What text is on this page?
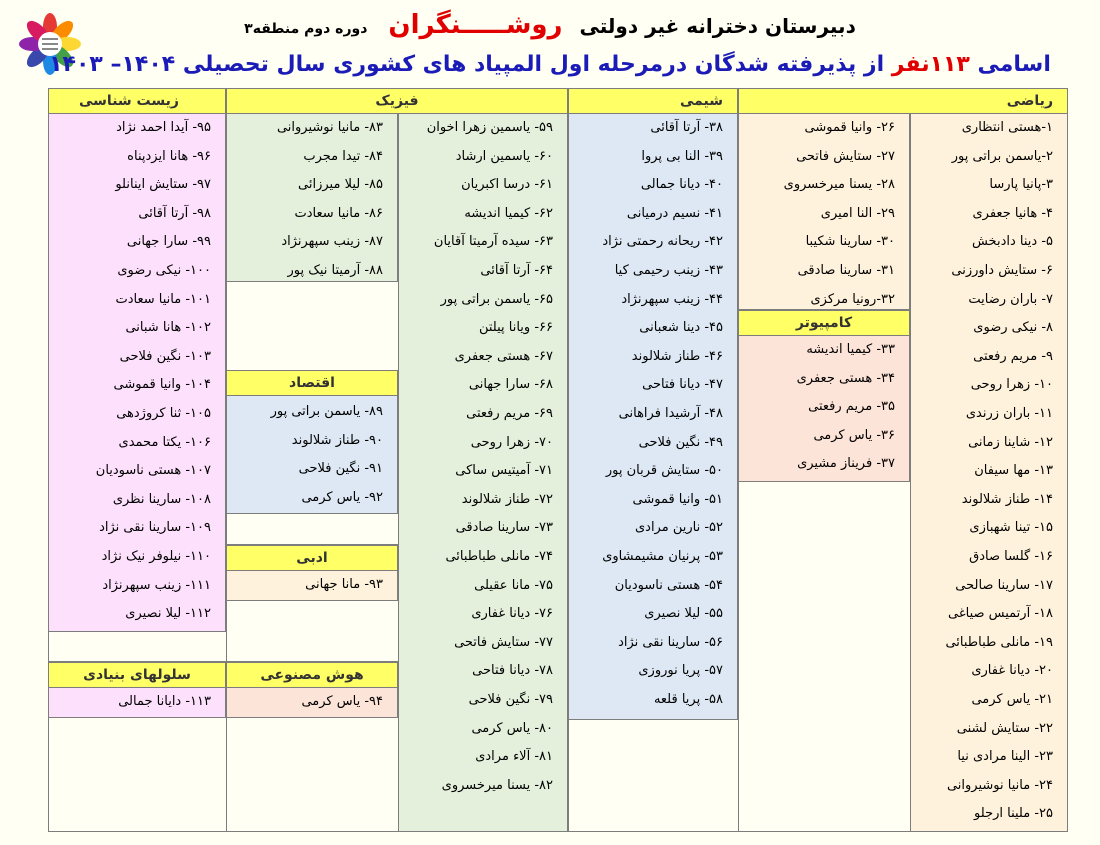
دبیرستان دخترانه غیر دولتی روشـــــنگران دوره دوم منطقه۳
اسامی ۱۱۳نفر از پذیرفته شدگان درمرحله اول المپیاد های کشوری سال تحصیلی ۱۴۰۴– ۱۴۰۳
ریاضی
۱-هستی انتظاری
۲-یاسمن براتی پور
۳-پانیا پارسا
۴- هانیا جعفری
۵- دینا دادبخش
۶- ستایش داورزنی
۷- باران رضایت
۸- نیکی رضوی
۹- مریم رفعتی
۱۰- زهرا روحی
۱۱- باران زرندی
۱۲- شاینا زمانی
۱۳- مها سیفان
۱۴- طناز شلالوند
۱۵- تینا شهبازی
۱۶- گلسا صادق
۱۷- سارینا صالحی
۱۸- آرتمیس صیاغی
۱۹- مانلی طباطبائی
۲۰- دیانا غفاری
۲۱- یاس کرمی
۲۲- ستایش لشنی
۲۳- الینا مرادی نیا
۲۴- مانیا نوشیروانی
۲۵- ملینا ارجلو
۲۶- وانیا قموشی
۲۷- ستایش فاتحی
۲۸- یسنا میرخسروی
۲۹- النا امیری
۳۰- سارینا شکیبا
۳۱- سارینا صادقی
۳۲-رونیا مرکزی
کامپیوتر
۳۳- کیمیا اندیشه
۳۴- هستی جعفری
۳۵- مریم رفعتی
۳۶- یاس کرمی
۳۷- فریناز مشیری
شیمی
۳۸- آرتا آقائی
۳۹- النا بی پروا
۴۰- دیانا جمالی
۴۱- نسیم درمیانی
۴۲- ریحانه رحمتی نژاد
۴۳- زینب رحیمی کیا
۴۴- زینب سپهرنژاد
۴۵- دینا شعبانی
۴۶- طناز شلالوند
۴۷- دیانا فتاحی
۴۸- آرشیدا فراهانی
۴۹- نگین فلاحی
۵۰- ستایش قربان پور
۵۱- وانیا قموشی
۵۲- نارین مرادی
۵۳- پرنیان مشیمشاوی
۵۴- هستی ناسودیان
۵۵- لیلا نصیری
۵۶- سارینا نقی نژاد
۵۷- پریا نوروزی
۵۸- پریا قلعه
فیزیک
۵۹- یاسمین زهرا اخوان
۶۰- یاسمین ارشاد
۶۱- درسا اکبریان
۶۲- کیمیا اندیشه
۶۳- سیده آرمیتا آقایان
۶۴- آرتا آقائی
۶۵- یاسمن براتی پور
۶۶- ویانا پیلتن
۶۷- هستی جعفری
۶۸- سارا جهانی
۶۹- مریم رفعتی
۷۰- زهرا روحی
۷۱- آمیتیس ساکی
۷۲- طناز شلالوند
۷۳- سارینا صادقی
۷۴- مانلی طباطبائی
۷۵- مانا عقیلی
۷۶- دیانا غفاری
۷۷- ستایش فاتحی
۷۸- دیانا فتاحی
۷۹- نگین فلاحی
۸۰- یاس کرمی
۸۱- آلاء مرادی
۸۲- یسنا میرخسروی
۸۳- مانیا نوشیروانی
۸۴- تیدا مجرب
۸۵- لیلا میرزائی
۸۶- مانیا سعادت
۸۷- زینب سپهرنژاد
۸۸- آرمیتا نیک پور
اقتصاد
۸۹- یاسمن براتی پور
۹۰- طناز شلالوند
۹۱- نگین فلاحی
۹۲- یاس کرمی
ادبی
۹۳- مانا جهانی
هوش مصنوعی
۹۴- یاس کرمی
زیست شناسی
۹۵- آیدا احمد نژاد
۹۶- هانا ایزدپناه
۹۷- ستایش اینانلو
۹۸- آرتا آقائی
۹۹- سارا جهانی
۱۰۰- نیکی رضوی
۱۰۱- مانیا سعادت
۱۰۲- هانا شبانی
۱۰۳- نگین فلاحی
۱۰۴- وانیا قموشی
۱۰۵- ثنا کروژدهی
۱۰۶- یکتا محمدی
۱۰۷- هستی ناسودیان
۱۰۸- سارینا نظری
۱۰۹- سارینا نقی نژاد
۱۱۰- نیلوفر نیک نژاد
۱۱۱- زینب سپهرنژاد
۱۱۲- لیلا نصیری
سلولهای بنیادی
۱۱۳- دایانا جمالی
